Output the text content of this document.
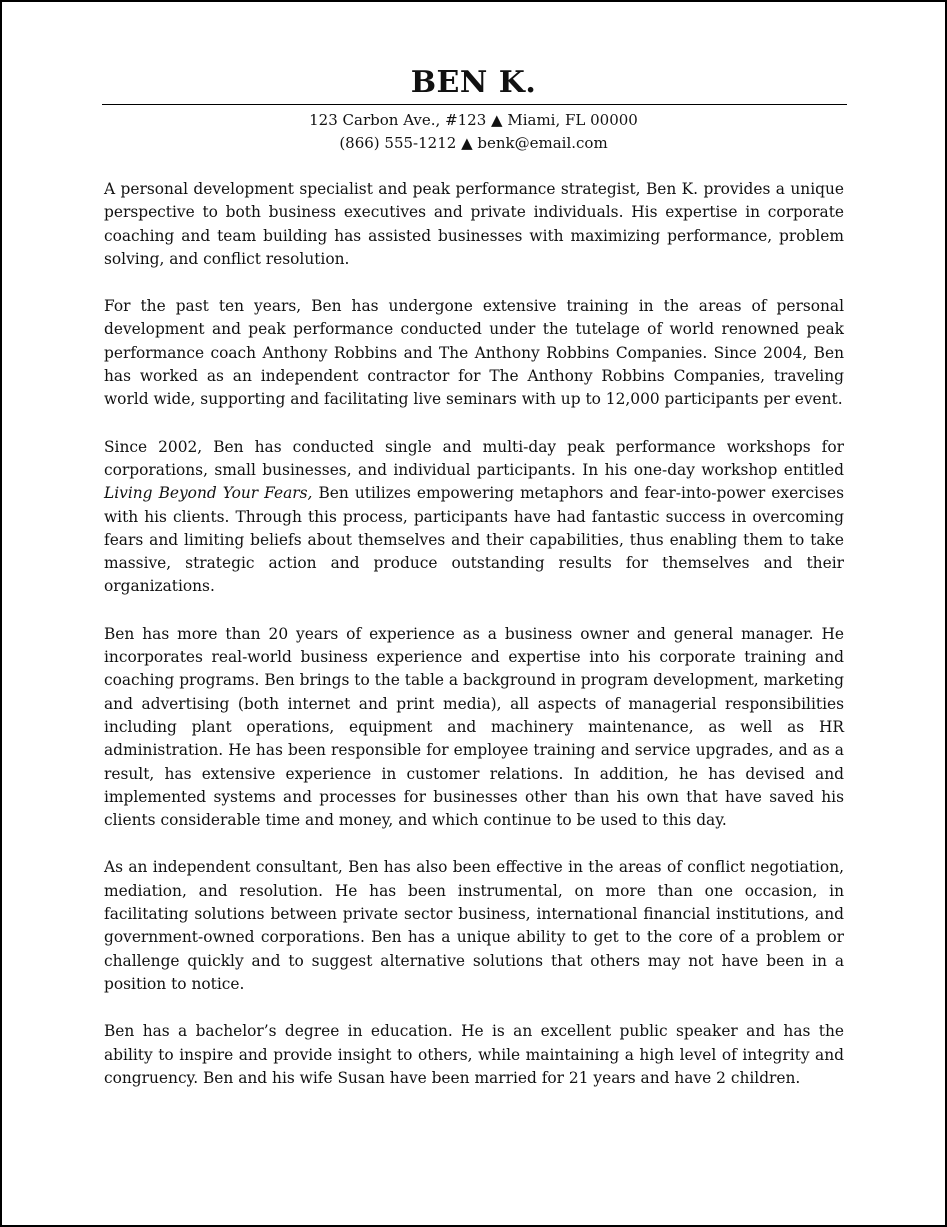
BEN K.
123 Carbon Ave., #123 ▲ Miami, FL 00000
(866) 555-1212 ▲ benk@email.com

A personal development specialist and peak performance strategist, Ben K. provides a unique perspective to both business executives and private individuals. His expertise in corporate coaching and team building has assisted businesses with maximizing performance, problem solving, and conflict resolution.

For the past ten years, Ben has undergone extensive training in the areas of personal development and peak performance conducted under the tutelage of world renowned peak performance coach Anthony Robbins and The Anthony Robbins Companies. Since 2004, Ben has worked as an independent contractor for The Anthony Robbins Companies, traveling world wide, supporting and facilitating live seminars with up to 12,000 participants per event.

Since 2002, Ben has conducted single and multi-day peak performance workshops for corporations, small businesses, and individual participants. In his one-day workshop entitled Living Beyond Your Fears, Ben utilizes empowering metaphors and fear-into-power exercises with his clients. Through this process, participants have had fantastic success in overcoming fears and limiting beliefs about themselves and their capabilities, thus enabling them to take massive, strategic action and produce outstanding results for themselves and their organizations.

Ben has more than 20 years of experience as a business owner and general manager. He incorporates real-world business experience and expertise into his corporate training and coaching programs. Ben brings to the table a background in program development, marketing and advertising (both internet and print media), all aspects of managerial responsibilities including plant operations, equipment and machinery maintenance, as well as HR administration. He has been responsible for employee training and service upgrades, and as a result, has extensive experience in customer relations. In addition, he has devised and implemented systems and processes for businesses other than his own that have saved his clients considerable time and money, and which continue to be used to this day.

As an independent consultant, Ben has also been effective in the areas of conflict negotiation, mediation, and resolution. He has been instrumental, on more than one occasion, in facilitating solutions between private sector business, international financial institutions, and government-owned corporations. Ben has a unique ability to get to the core of a problem or challenge quickly and to suggest alternative solutions that others may not have been in a position to notice.

Ben has a bachelor’s degree in education. He is an excellent public speaker and has the ability to inspire and provide insight to others, while maintaining a high level of integrity and congruency. Ben and his wife Susan have been married for 21 years and have 2 children.
